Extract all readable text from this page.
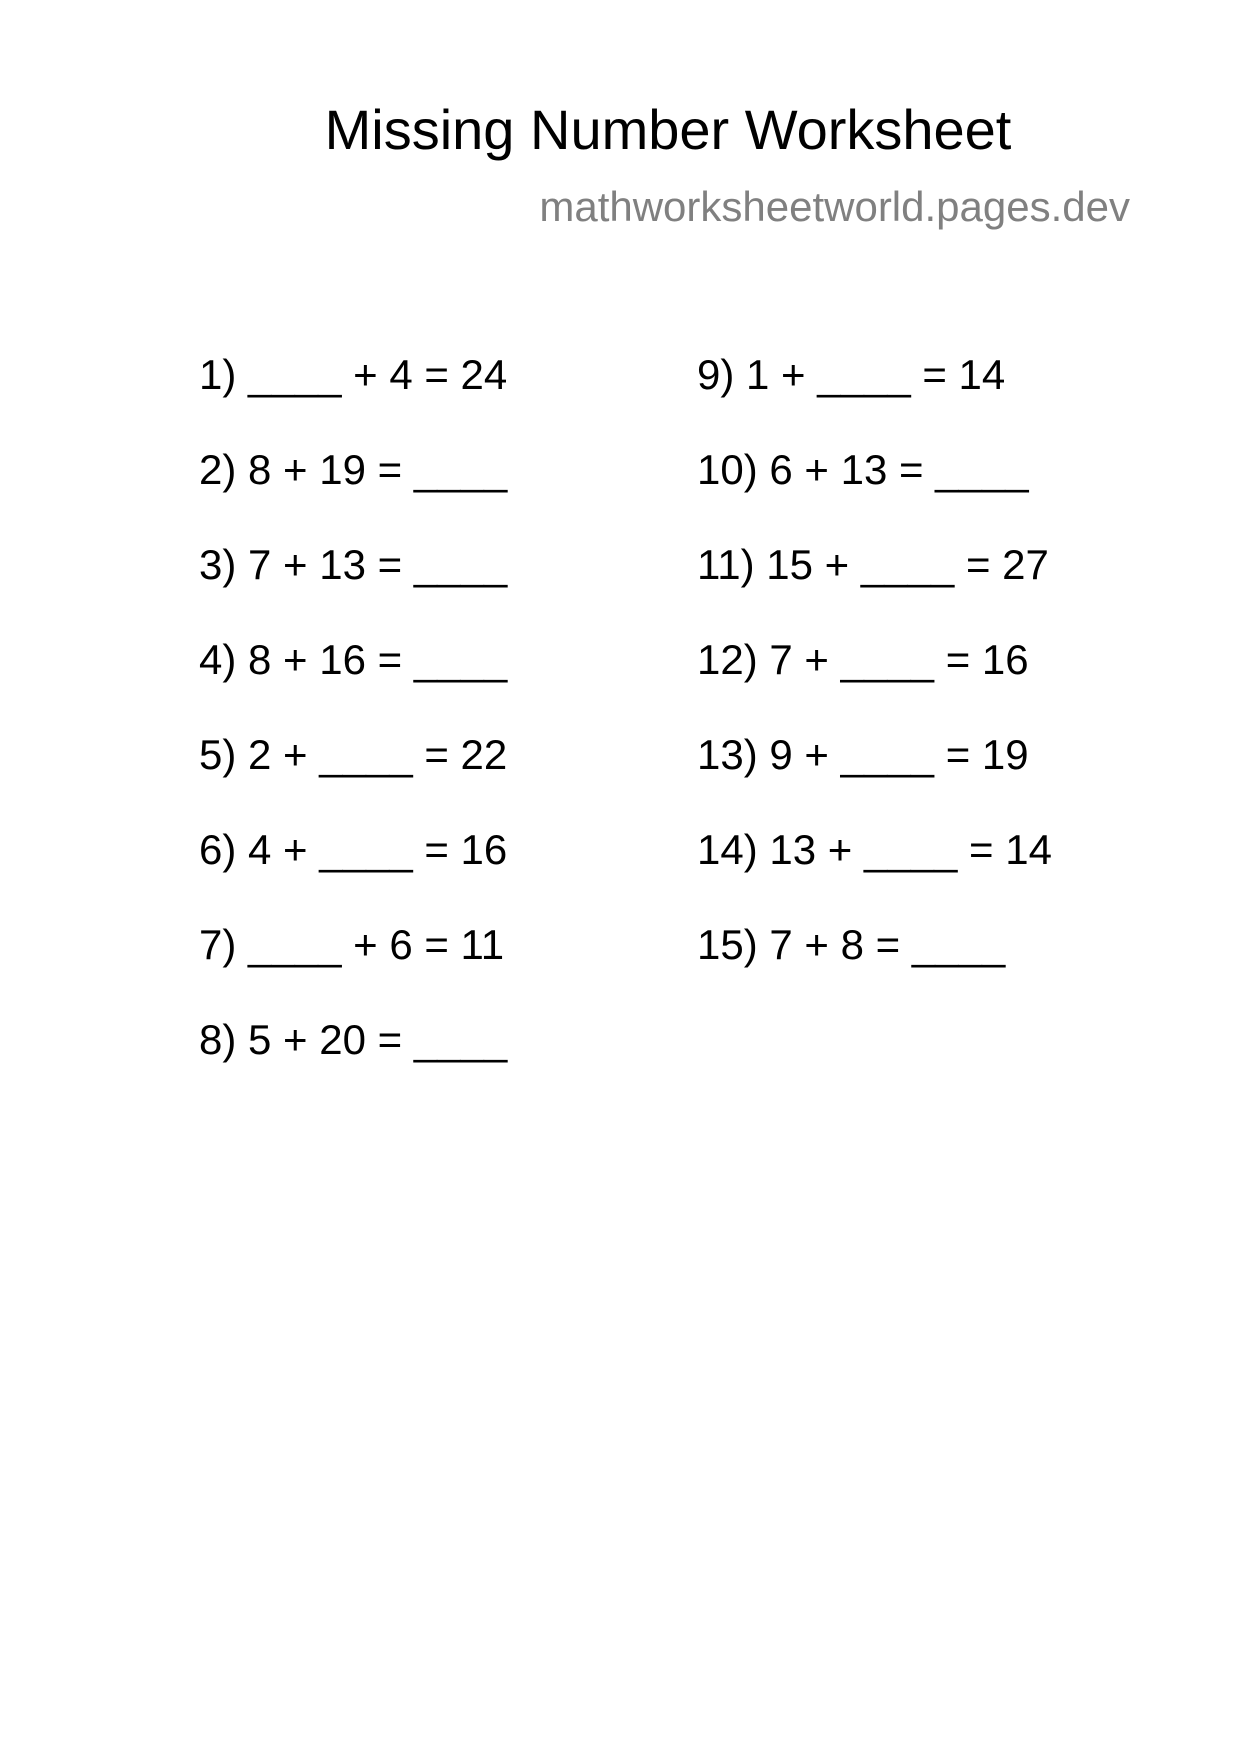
Missing Number Worksheet

mathworksheetworld.pages.dev

1) ____ + 4 = 24
2) 8 + 19 = ____
3) 7 + 13 = ____
4) 8 + 16 = ____
5) 2 + ____ = 22
6) 4 + ____ = 16
7) ____ + 6 = 11
8) 5 + 20 = ____
9) 1 + ____ = 14
10) 6 + 13 = ____
11) 15 + ____ = 27
12) 7 + ____ = 16
13) 9 + ____ = 19
14) 13 + ____ = 14
15) 7 + 8 = ____
